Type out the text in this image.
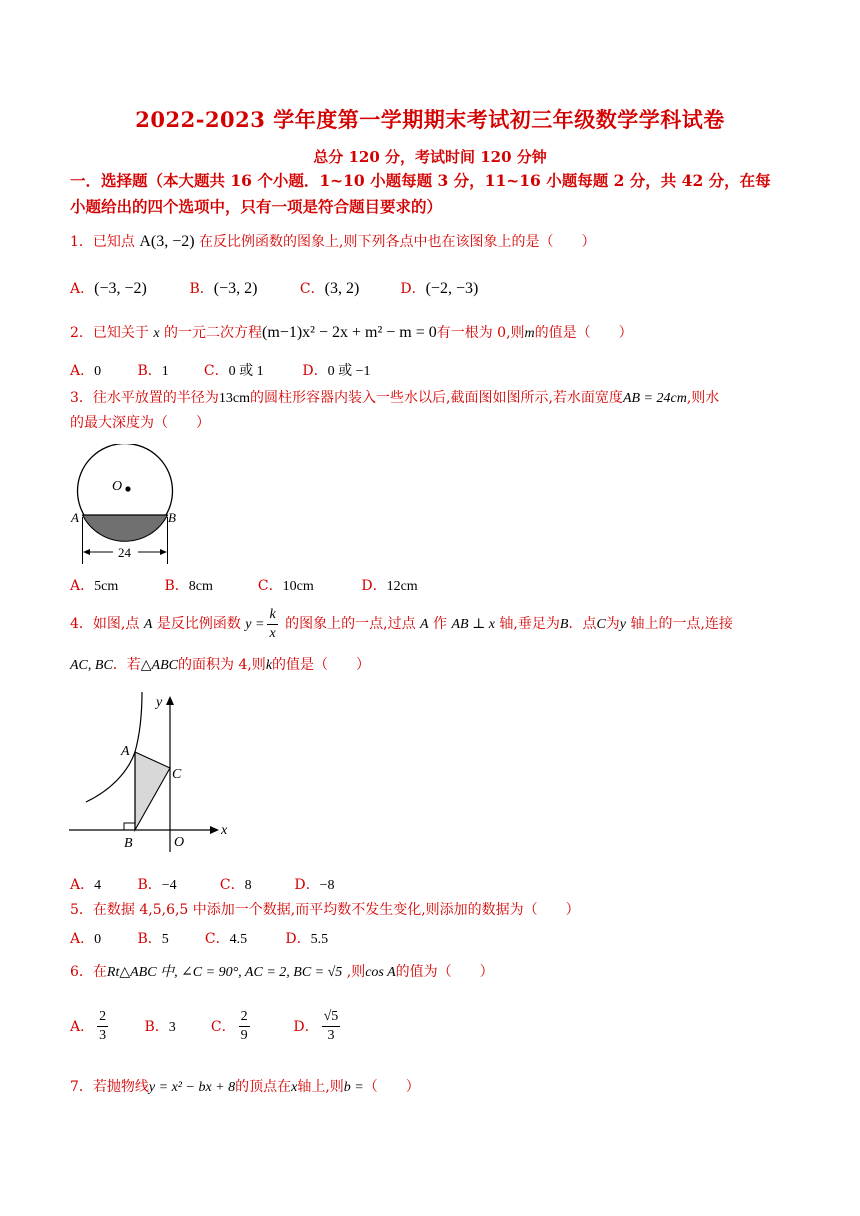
2022-2023 学年度第一学期期末考试初三年级数学学科试卷
总分 120 分，考试时间 120 分钟
一．选择题（本大题共 16 个小题．1~10 小题每题 3 分，11~16 小题每题 2 分，共 42 分，在每
小题给出的四个选项中，只有一项是符合题目要求的）
1．已知点 A(3, −2) 在反比例函数的图象上,则下列各点中也在该图象上的是（　　）
A．(−3, −2)	B．(−3, 2)	C．(3, 2)	D．(−2, −3)
2．已知关于 x 的一元二次方程(m−1)x² − 2x + m² − m = 0有一根为 0,则m的值是（　　）
A．0	B．1	C．0 或 1	D．0 或 −1
3．往水平放置的半径为13cm的圆柱形容器内装入一些水以后,截面图如图所示,若水面宽度AB = 24cm,则水
的最大深度为（　　）
O
A	B
24
A．5cm	B．8cm	C．10cm	D．12cm
4．如图,点 A 是反比例函数 $y = \frac{k}{x}$ 的图象上的一点,过点 A 作 AB ⊥ x 轴,垂足为B．点C为y 轴上的一点,连接
AC, BC．若△ABC的面积为 4,则k的值是（　　）
A
C
B	O
x
y
A．4	B．−4	C．8	D．−8
5．在数据 4,5,6,5 中添加一个数据,而平均数不发生变化,则添加的数据为（　　）
A．0	B．5	C．4.5	D．5.5
6．在Rt△ABC 中, ∠C = 90°, AC = 2, BC = √5 ,则cos A的值为（　　）
A． $\frac{2}{3}$	B．3	C． $\frac{2}{9}$	D． $\frac{√5}{3}$
7．若抛物线y = x² − bx + 8的顶点在x轴上,则b =（　　）
